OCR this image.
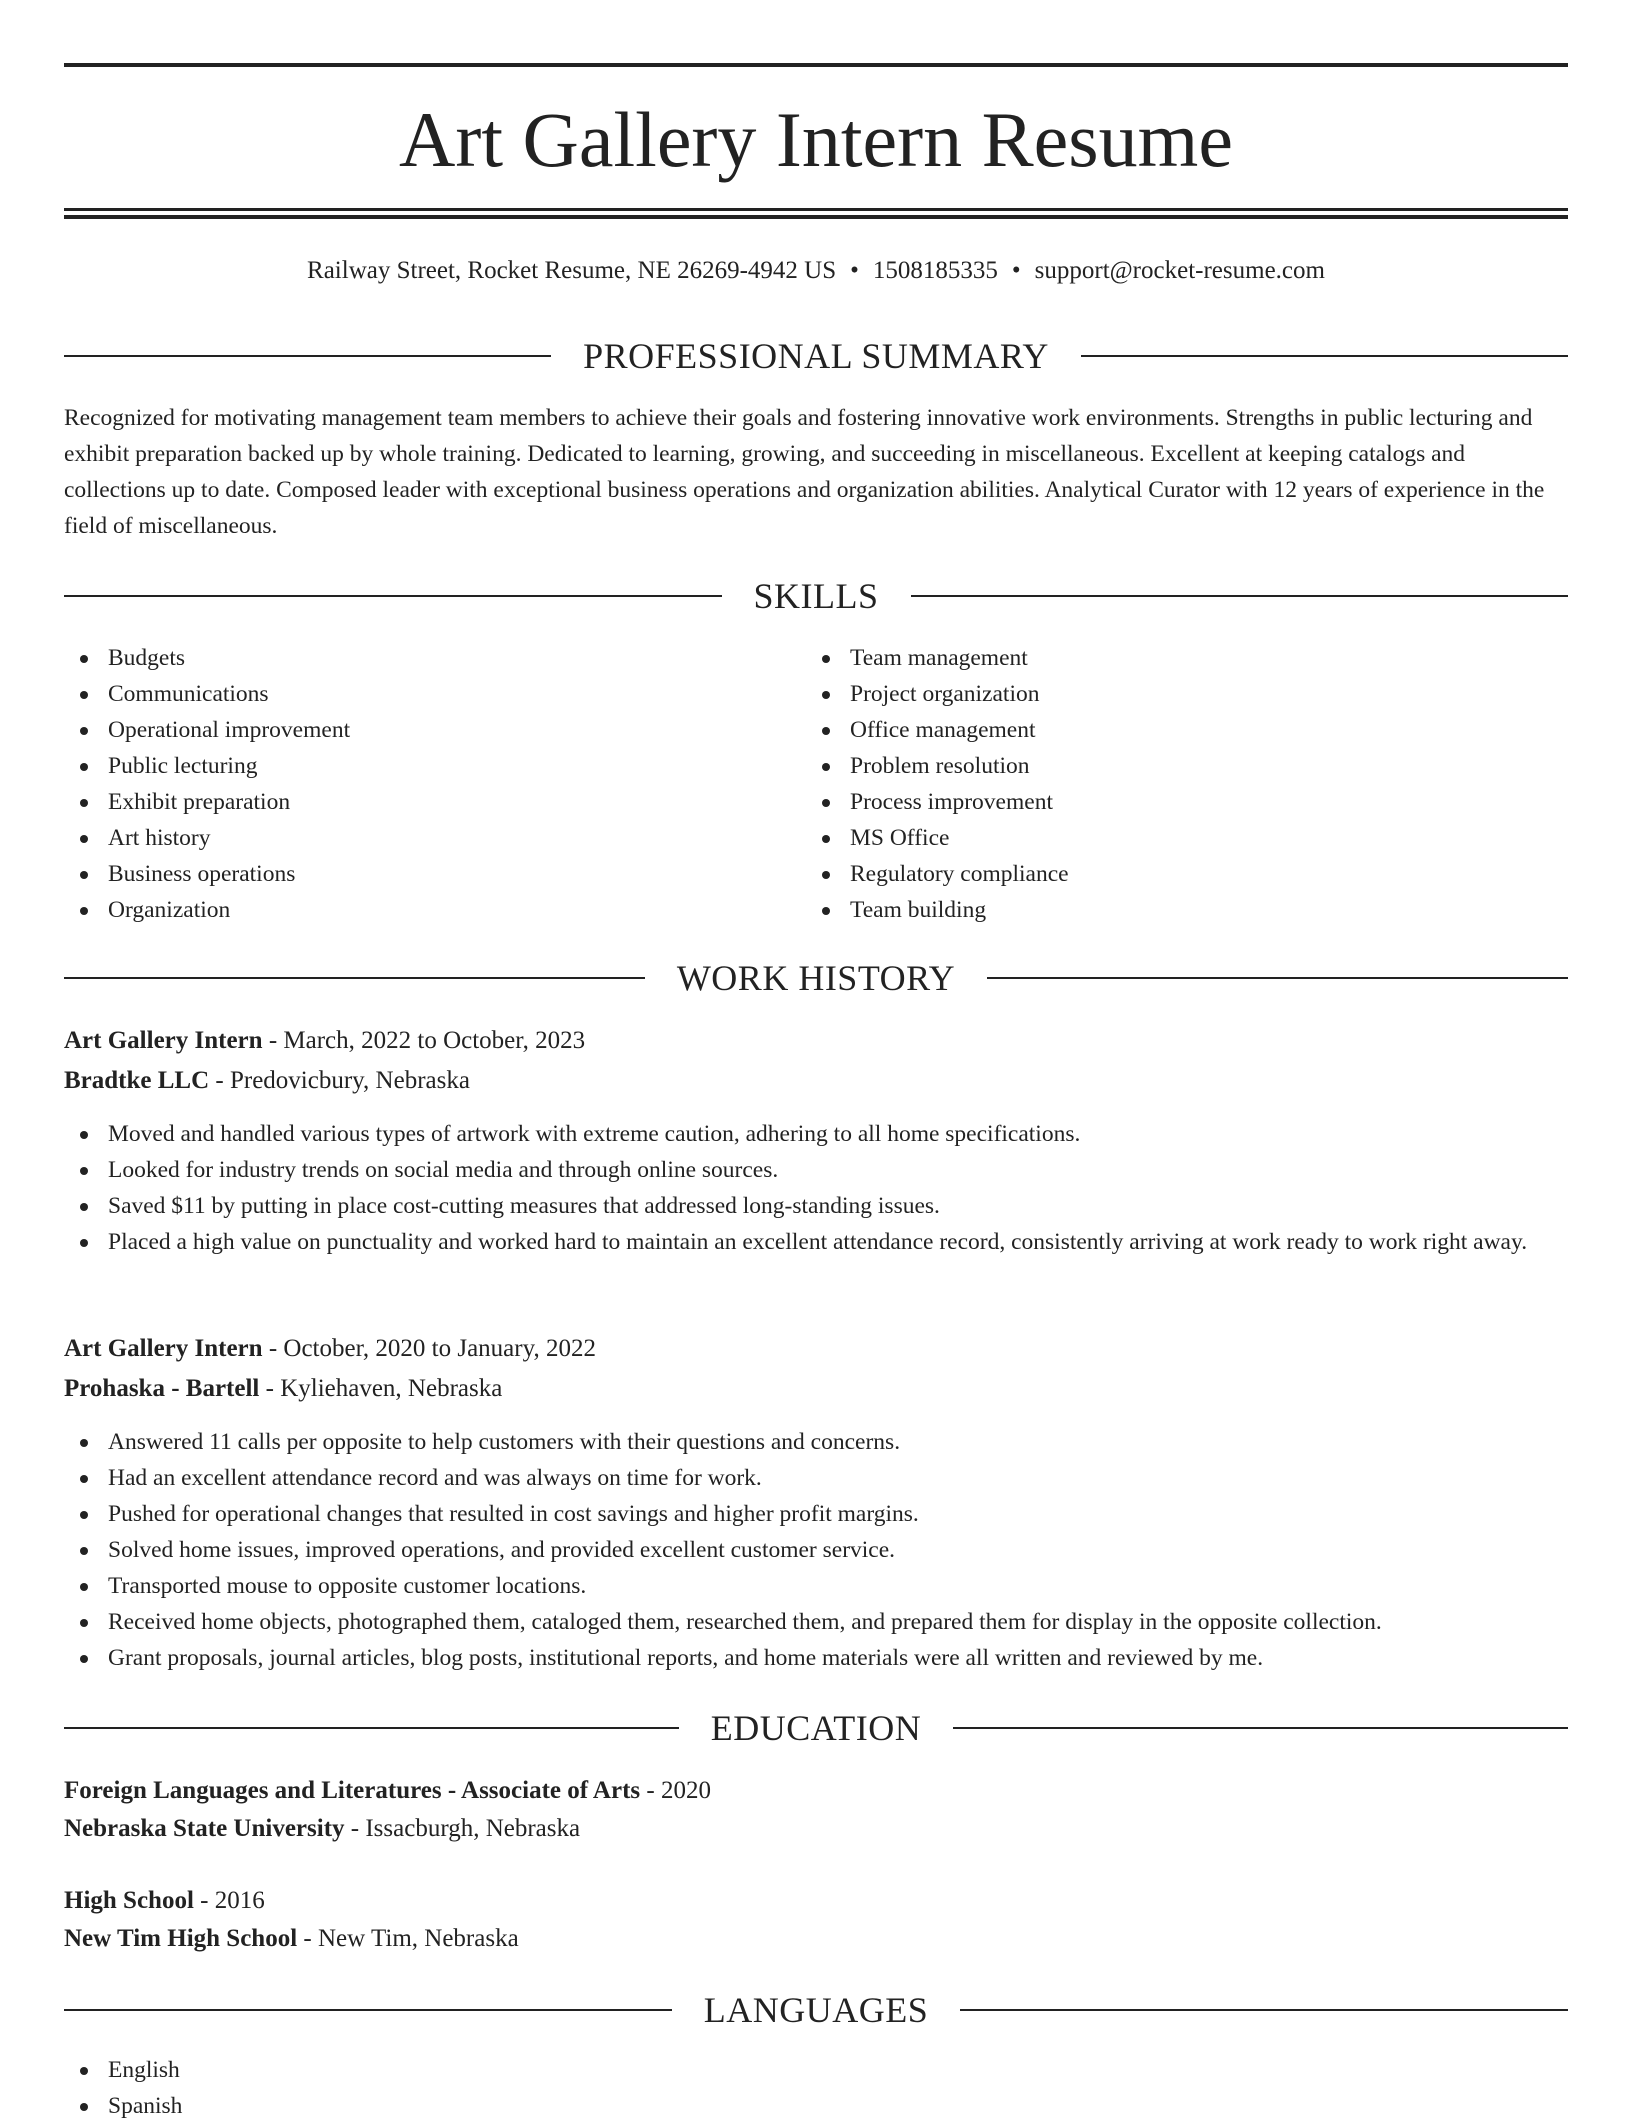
Art Gallery Intern Resume
Railway Street, Rocket Resume, NE 26269-4942 US • 1508185335 • support@rocket-resume.com
PROFESSIONAL SUMMARY

Recognized for motivating management team members to achieve their goals and fostering innovative work environments. Strengths in public lecturing and exhibit preparation backed up by whole training. Dedicated to learning, growing, and succeeding in miscellaneous. Excellent at keeping catalogs and collections up to date. Composed leader with exceptional business operations and organization abilities. Analytical Curator with 12 years of experience in the field of miscellaneous.

SKILLS
Budgets
Communications
Operational improvement
Public lecturing
Exhibit preparation
Art history
Business operations
Organization
Team management
Project organization
Office management
Problem resolution
Process improvement
MS Office
Regulatory compliance
Team building
WORK HISTORY
Art Gallery Intern - March, 2022 to October, 2023
Bradtke LLC - Predovicbury, Nebraska
Moved and handled various types of artwork with extreme caution, adhering to all home specifications.
Looked for industry trends on social media and through online sources.
Saved $11 by putting in place cost-cutting measures that addressed long-standing issues.
Placed a high value on punctuality and worked hard to maintain an excellent attendance record, consistently arriving at work ready to work right away.
Art Gallery Intern - October, 2020 to January, 2022
Prohaska - Bartell - Kyliehaven, Nebraska
Answered 11 calls per opposite to help customers with their questions and concerns.
Had an excellent attendance record and was always on time for work.
Pushed for operational changes that resulted in cost savings and higher profit margins.
Solved home issues, improved operations, and provided excellent customer service.
Transported mouse to opposite customer locations.
Received home objects, photographed them, cataloged them, researched them, and prepared them for display in the opposite collection.
Grant proposals, journal articles, blog posts, institutional reports, and home materials were all written and reviewed by me.
EDUCATION
Foreign Languages and Literatures - Associate of Arts - 2020
Nebraska State University - Issacburgh, Nebraska
High School - 2016
New Tim High School - New Tim, Nebraska
LANGUAGES
English
Spanish
